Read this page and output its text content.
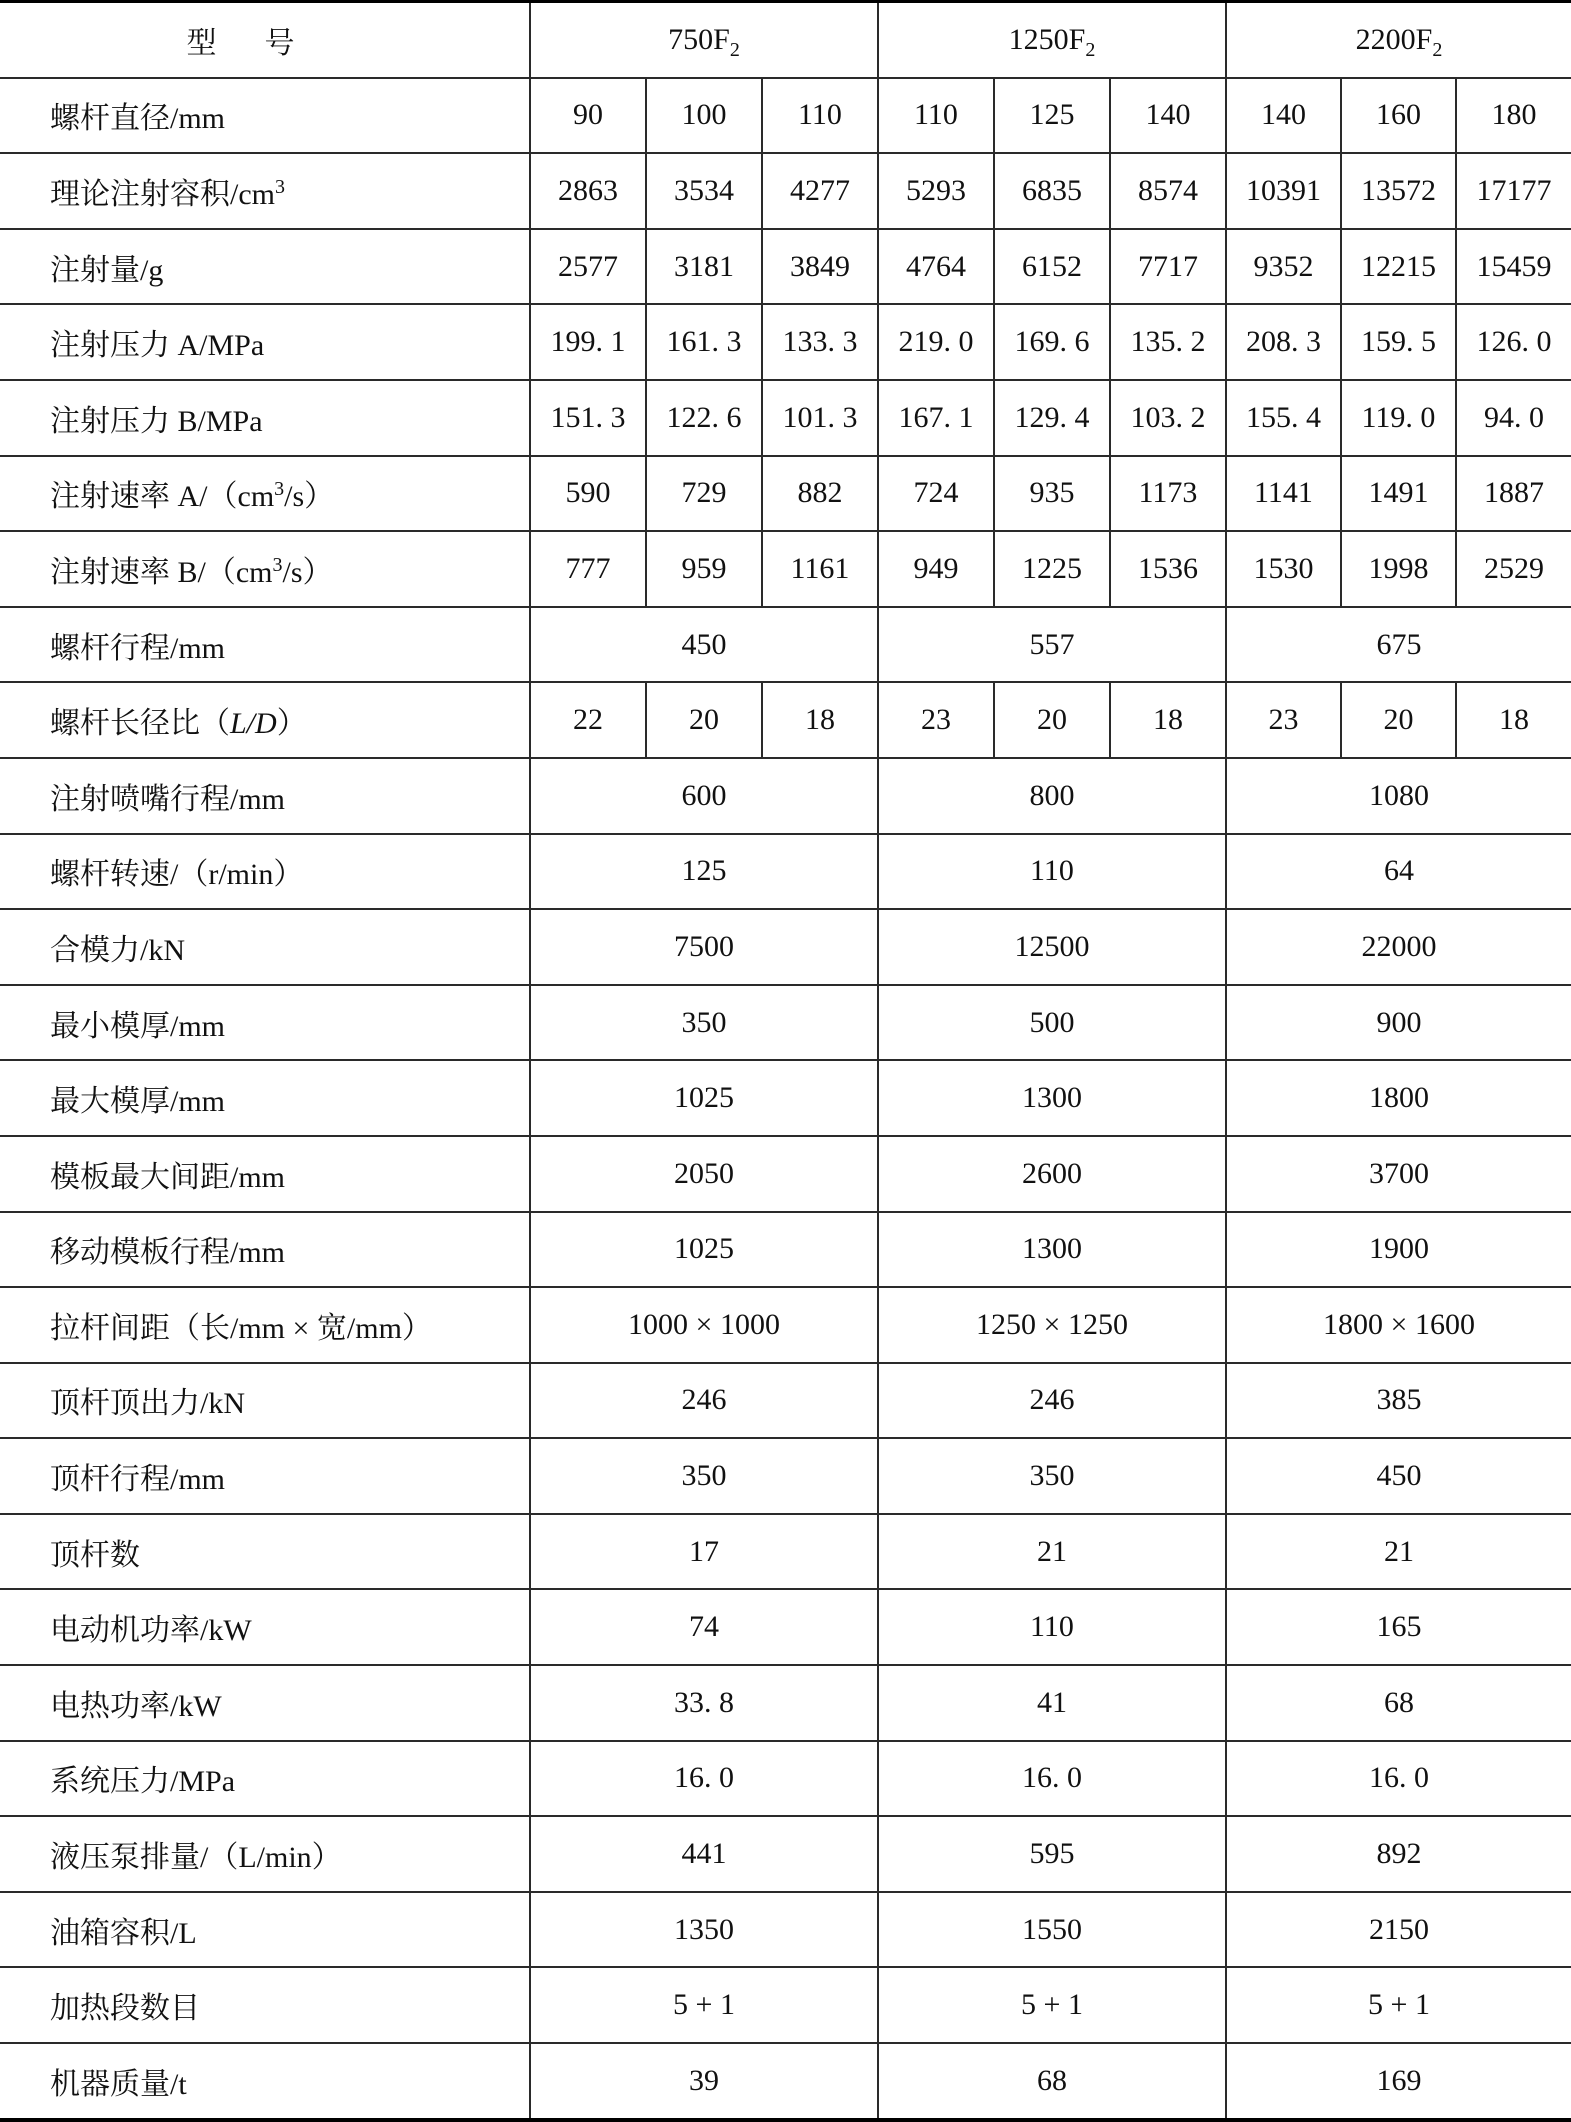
型号	$750F_2$			$1250F_2$			$2200F_2$
螺杆直径/mm	90	100	110	110	125	140	140	160	180
理论注射容积$/cm^3$	2863	3534	4277	5293	6835	8574	10391	13572	17177
注射量/g	2577	3181	3849	4764	6152	7717	9352	12215	15459
注射压力 A/MPa	199. 1	161. 3	133. 3	219. 0	169. 6	135. 2	208. 3	159. 5	126. 0
注射压力 B/MPa	151. 3	122. 6	101. 3	167. 1	129. 4	103. 2	155. 4	119. 0	94. 0
注射速率 $A/(cm^3/s)$	590	729	882	724	935	1173	1141	1491	1887
注射速率 $B/(cm^3/s)$	777	959	1161	949	1225	1536	1530	1998	2529
螺杆行程/mm	450			557			675		
螺杆长径比（L/D）	22	20	18	23	20	18	23	20	18
注射喷嘴行程/mm	600			800			1080		
螺杆转速/（r/min）	125			110			64		
合模力/kN	7500			12500			22000		
最小模厚/mm	350			500			900		
最大模厚/mm	1025			1300			1800		
模板最大间距/mm	2050			2600			3700		
移动模板行程/mm	1025			1300			1900		
拉杆间距（长/mm × 宽/mm）	1000 × 1000			1250 × 1250			1800 × 1600		
顶杆顶出力/kN	246			246			385		
顶杆行程/mm	350			350			450		
顶杆数	17			21			21		
电动机功率/kW	74			110			165		
电热功率/kW	33. 8			41			68		
系统压力/MPa	16. 0			16. 0			16. 0		
液压泵排量/（L/min）	441			595			892		
油箱容积/L	1350			1550			2150		
加热段数目	5 + 1			5 + 1			5 + 1		
机器质量/t	39			68			169		
